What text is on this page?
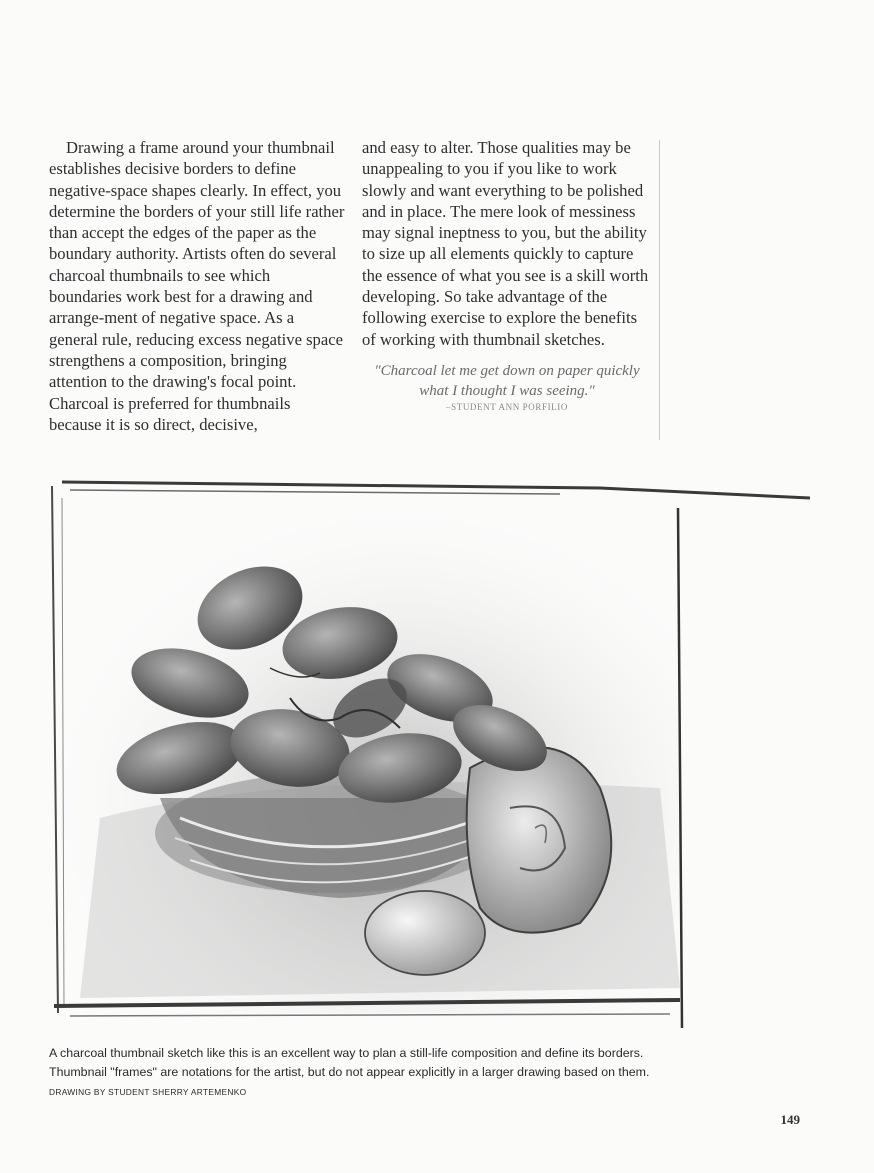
Drawing a frame around your thumbnail establishes decisive borders to define negative-space shapes clearly. In effect, you determine the borders of your still life rather than accept the edges of the paper as the boundary authority. Artists often do several charcoal thumbnails to see which boundaries work best for a drawing and arrange-ment of negative space. As a general rule, reducing excess negative space strengthens a composition, bringing attention to the drawing's focal point. Charcoal is preferred for thumbnails because it is so direct, decisive,

and easy to alter. Those qualities may be unappealing to you if you like to work slowly and want everything to be polished and in place. The mere look of messiness may signal ineptness to you, but the ability to size up all elements quickly to capture the essence of what you see is a skill worth developing. So take advantage of the following exercise to explore the benefits of working with thumbnail sketches.

"Charcoal let me get down on paper quickly what I thought I was seeing."
–STUDENT ANN PORFILIO
A charcoal thumbnail sketch like this is an excellent way to plan a still-life composition and define its borders. Thumbnail "frames" are notations for the artist, but do not appear explicitly in a larger drawing based on them. DRAWING BY STUDENT SHERRY ARTEMENKO
149
